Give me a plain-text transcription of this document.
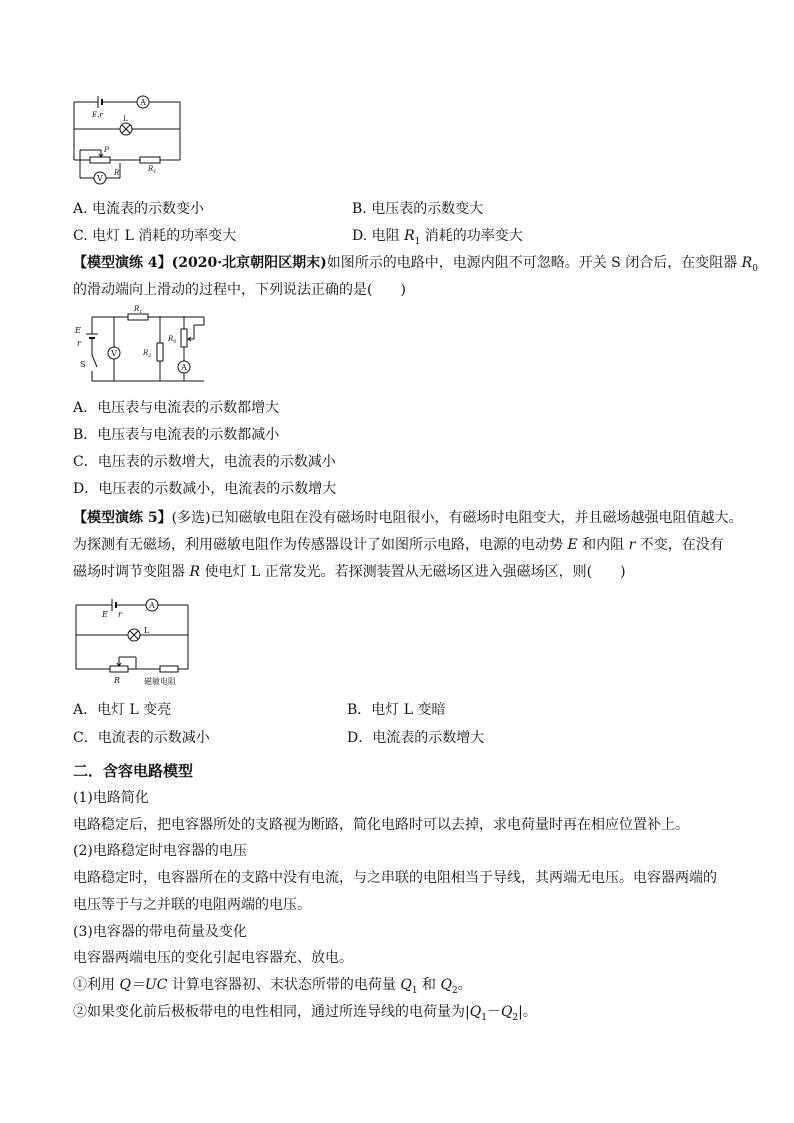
A
E,r	L
$R_1$
P
V
R
A. 电流表的示数变小	B. 电压表的示数变大
C. 电灯 L 消耗的功率变大	D. 电阻 $R_1$ 消耗的功率变大
【模型演练 4】(2020·北京朝阳区期末)如图所示的电路中，电源内阻不可忽略。开关 S 闭合后，在变阻器 $R_0$
的滑动端向上滑动的过程中，下列说法正确的是(　　)
E
r
S
$R_1$
V	$R_2$
$R_0$
A
A．电压表与电流表的示数都增大
B．电压表与电流表的示数都减小
C．电压表的示数增大，电流表的示数减小
D．电压表的示数减小，电流表的示数增大
【模型演练 5】(多选)已知磁敏电阻在没有磁场时电阻很小，有磁场时电阻变大，并且磁场越强电阻值越大。
为探测有无磁场，利用磁敏电阻作为传感器设计了如图所示电路，电源的电动势 E 和内阻 r 不变，在没有
磁场时调节变阻器 R 使电灯 L 正常发光。若探测装置从无磁场区进入强磁场区，则(　　)
A
E r
L
R	磁敏电阻
A．电灯 L 变亮	B．电灯 L 变暗
C．电流表的示数减小	D．电流表的示数增大
二．含容电路模型
(1)电路简化
电路稳定后，把电容器所处的支路视为断路，简化电路时可以去掉，求电荷量时再在相应位置补上。
(2)电路稳定时电容器的电压
电路稳定时，电容器所在的支路中没有电流，与之串联的电阻相当于导线，其两端无电压。电容器两端的
电压等于与之并联的电阻两端的电压。
(3)电容器的带电荷量及变化
电容器两端电压的变化引起电容器充、放电。
①利用 Q＝UC 计算电容器初、末状态所带的电荷量 $Q_1$ 和 $Q_2$。
②如果变化前后极板带电的电性相同，通过所连导线的电荷量为$|Q_1-Q_2|$。
